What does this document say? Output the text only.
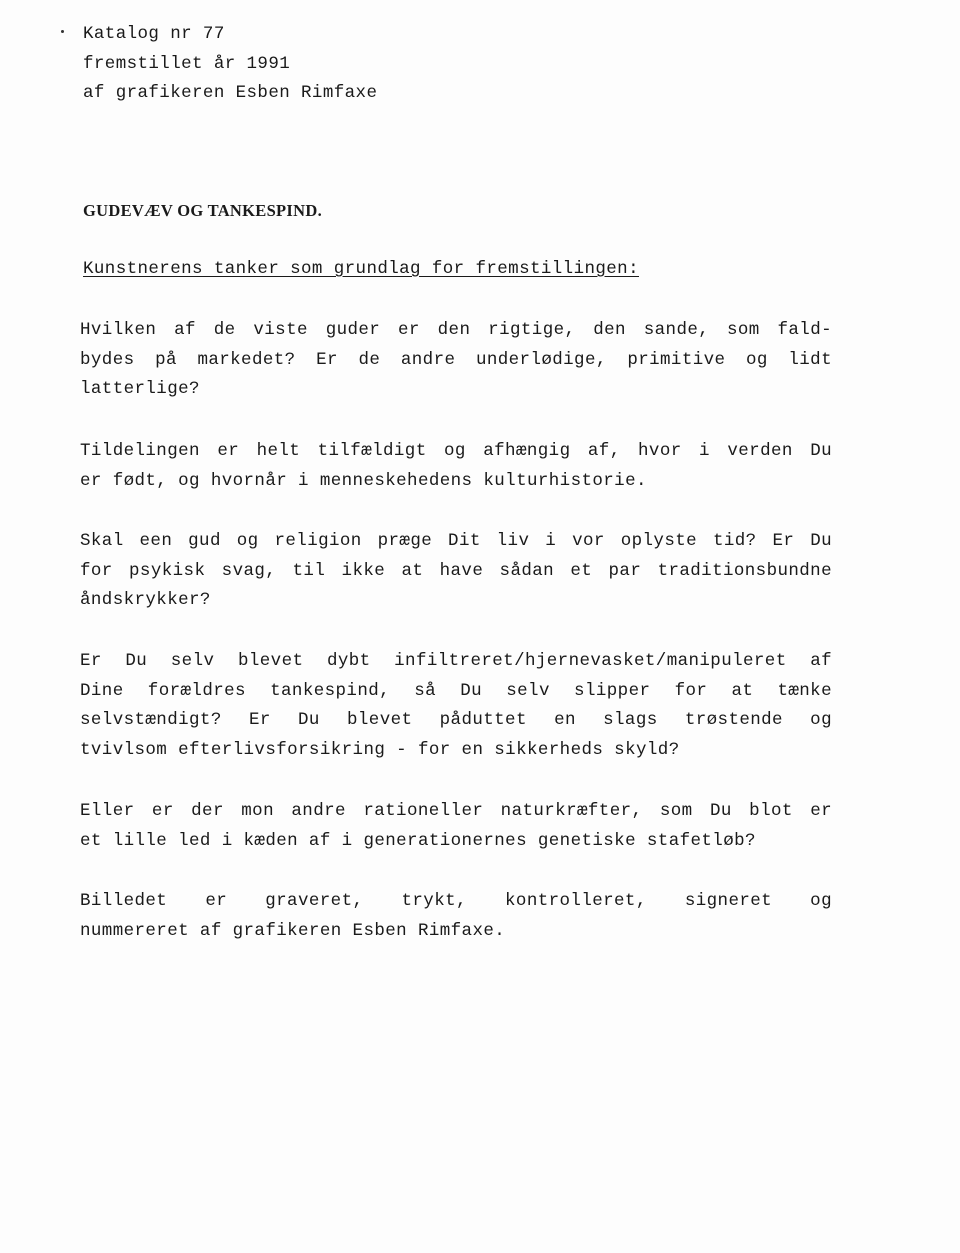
Katalog nr 77
fremstillet år 1991
af grafikeren Esben Rimfaxe
GUDEVÆV OG TANKESPIND.
Kunstnerens tanker som grundlag for fremstillingen:
Hvilken af de viste guder er den rigtige, den sande, som fald-
bydes på markedet? Er de andre underlødige, primitive og lidt
latterlige?
Tildelingen er helt tilfældigt og afhængig af, hvor i verden Du
er født, og hvornår i menneskehedens kulturhistorie.
Skal een gud og religion præge Dit liv i vor oplyste tid? Er Du
for psykisk svag, til ikke at have sådan et par traditionsbundne
åndskrykker?
Er Du selv blevet dybt infiltreret/hjernevasket/manipuleret af
Dine forældres tankespind, så Du selv slipper for at tænke
selvstændigt? Er Du blevet påduttet en slags trøstende og
tvivlsom efterlivsforsikring - for en sikkerheds skyld?
Eller er der mon andre rationeller naturkræfter, som Du blot er
et lille led i kæden af i generationernes genetiske stafetløb?
Billedet er graveret, trykt, kontrolleret, signeret og
nummereret af grafikeren Esben Rimfaxe.
